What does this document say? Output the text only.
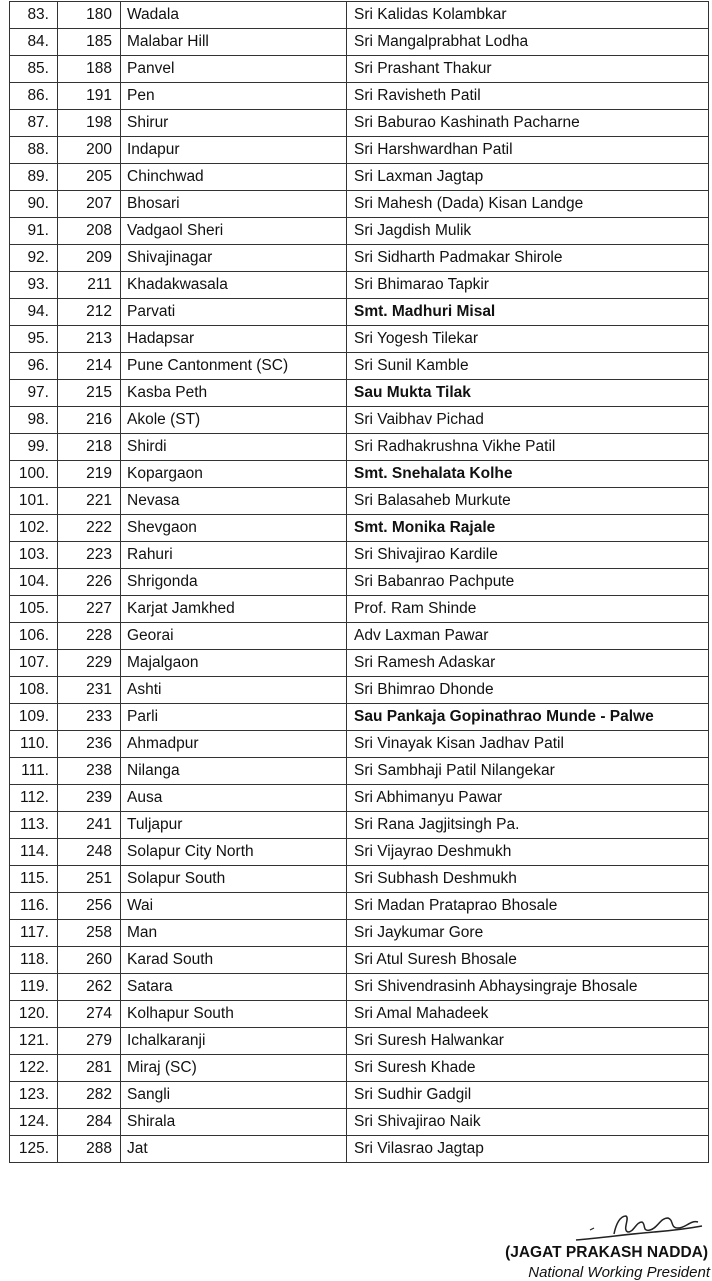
83.	180	Wadala	Sri Kalidas Kolambkar
84.	185	Malabar Hill	Sri Mangalprabhat Lodha
85.	188	Panvel	Sri Prashant Thakur
86.	191	Pen	Sri Ravisheth Patil
87.	198	Shirur	Sri Baburao Kashinath Pacharne
88.	200	Indapur	Sri Harshwardhan Patil
89.	205	Chinchwad	Sri Laxman Jagtap
90.	207	Bhosari	Sri Mahesh (Dada) Kisan Landge
91.	208	Vadgaol Sheri	Sri Jagdish Mulik
92.	209	Shivajinagar	Sri Sidharth Padmakar Shirole
93.	211	Khadakwasala	Sri Bhimarao Tapkir
94.	212	Parvati	Smt. Madhuri Misal
95.	213	Hadapsar	Sri Yogesh Tilekar
96.	214	Pune Cantonment (SC)	Sri Sunil Kamble
97.	215	Kasba Peth	Sau Mukta Tilak
98.	216	Akole (ST)	Sri Vaibhav Pichad
99.	218	Shirdi	Sri Radhakrushna Vikhe Patil
100.	219	Kopargaon	Smt. Snehalata Kolhe
101.	221	Nevasa	Sri Balasaheb Murkute
102.	222	Shevgaon	Smt. Monika Rajale
103.	223	Rahuri	Sri Shivajirao Kardile
104.	226	Shrigonda	Sri Babanrao Pachpute
105.	227	Karjat Jamkhed	Prof. Ram Shinde
106.	228	Georai	Adv Laxman Pawar
107.	229	Majalgaon	Sri Ramesh Adaskar
108.	231	Ashti	Sri Bhimrao Dhonde
109.	233	Parli	Sau Pankaja Gopinathrao Munde - Palwe
110.	236	Ahmadpur	Sri Vinayak Kisan Jadhav Patil
111.	238	Nilanga	Sri Sambhaji Patil Nilangekar
112.	239	Ausa	Sri Abhimanyu Pawar
113.	241	Tuljapur	Sri Rana Jagjitsingh Pa.
114.	248	Solapur City North	Sri Vijayrao Deshmukh
115.	251	Solapur South	Sri Subhash Deshmukh
116.	256	Wai	Sri Madan Prataprao Bhosale
117.	258	Man	Sri Jaykumar Gore
118.	260	Karad South	Sri Atul Suresh Bhosale
119.	262	Satara	Sri Shivendrasinh Abhaysingraje Bhosale
120.	274	Kolhapur South	Sri Amal Mahadeek
121.	279	Ichalkaranji	Sri Suresh Halwankar
122.	281	Miraj (SC)	Sri Suresh Khade
123.	282	Sangli	Sri Sudhir Gadgil
124.	284	Shirala	Sri Shivajirao Naik
125.	288	Jat	Sri Vilasrao Jagtap
(JAGAT PRAKASH NADDA)
National Working President
